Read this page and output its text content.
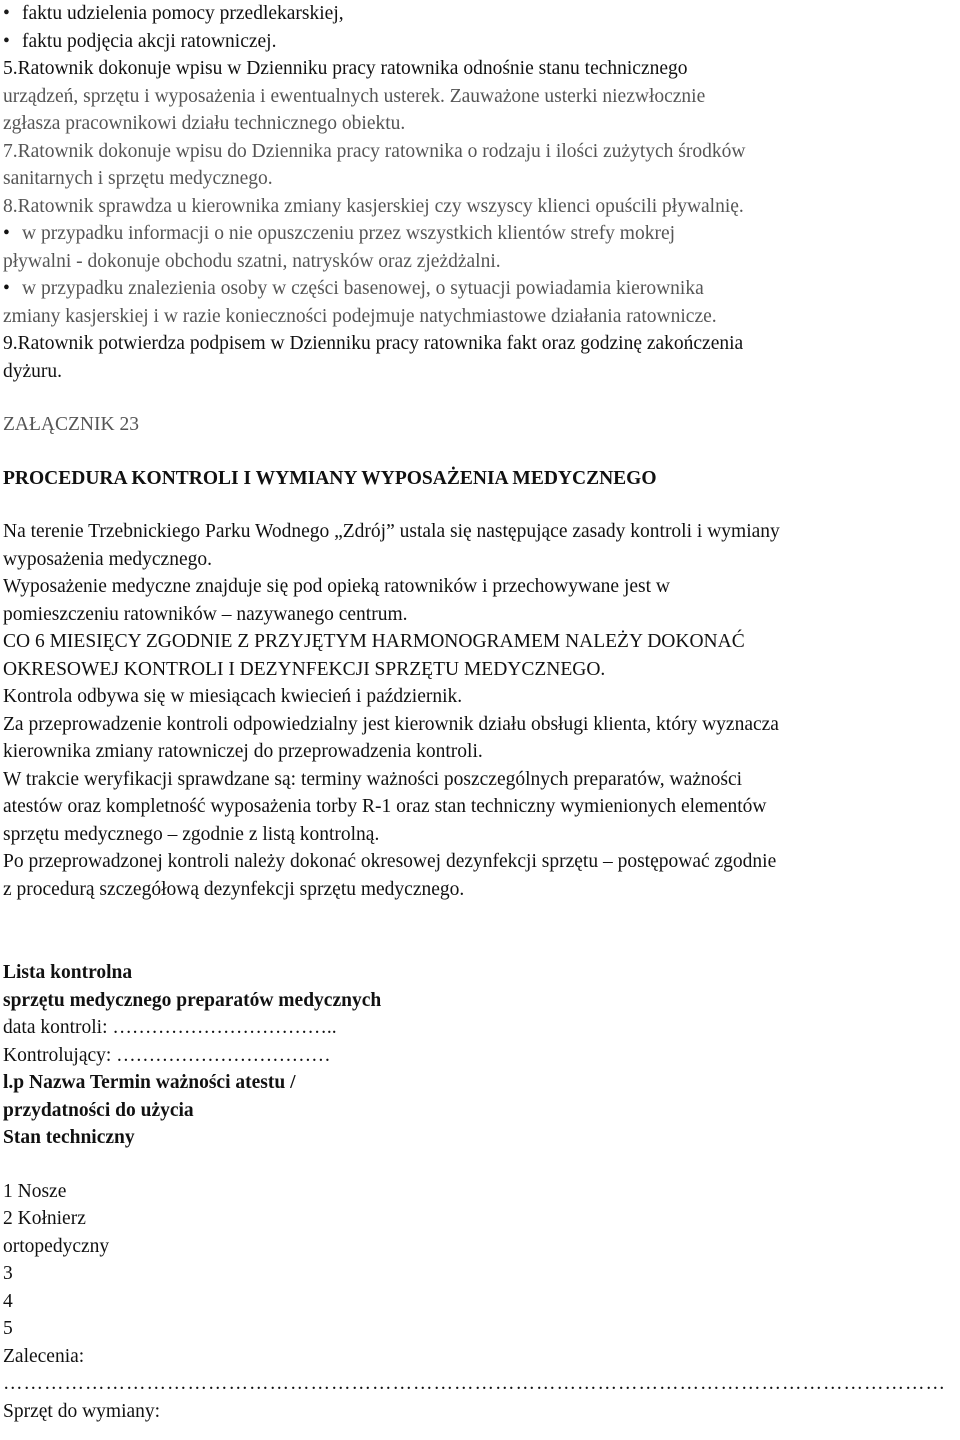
• faktu udzielenia pomocy przedlekarskiej,
• faktu podjęcia akcji ratowniczej.
5.Ratownik dokonuje wpisu w Dzienniku pracy ratownika odnośnie stanu technicznego
urządzeń, sprzętu i wyposażenia i ewentualnych usterek. Zauważone usterki niezwłocznie
zgłasza pracownikowi działu technicznego obiektu.
7.Ratownik dokonuje wpisu do Dziennika pracy ratownika o rodzaju i ilości zużytych środków
sanitarnych i sprzętu medycznego.
8.Ratownik sprawdza u kierownika zmiany kasjerskiej czy wszyscy klienci opuścili pływalnię.
• w przypadku informacji o nie opuszczeniu przez wszystkich klientów strefy mokrej
pływalni - dokonuje obchodu szatni, natrysków oraz zjeżdżalni.
• w przypadku znalezienia osoby w części basenowej, o sytuacji powiadamia kierownika
zmiany kasjerskiej i w razie konieczności podejmuje natychmiastowe działania ratownicze.
9.Ratownik potwierdza podpisem w Dzienniku pracy ratownika fakt oraz godzinę zakończenia
dyżuru.
ZAŁĄCZNIK 23
PROCEDURA KONTROLI I WYMIANY WYPOSAŻENIA MEDYCZNEGO
Na terenie Trzebnickiego Parku Wodnego „Zdrój” ustala się następujące zasady kontroli i wymiany
wyposażenia medycznego.
Wyposażenie medyczne znajduje się pod opieką ratowników i przechowywane jest w
pomieszczeniu ratowników – nazywanego centrum.
CO 6 MIESIĘCY ZGODNIE Z PRZYJĘTYM HARMONOGRAMEM NALEŻY DOKONAĆ
OKRESOWEJ KONTROLI I DEZYNFEKCJI SPRZĘTU MEDYCZNEGO.
Kontrola odbywa się w miesiącach kwiecień i październik.
Za przeprowadzenie kontroli odpowiedzialny jest kierownik działu obsługi klienta, który wyznacza
kierownika zmiany ratowniczej do przeprowadzenia kontroli.
W trakcie weryfikacji sprawdzane są: terminy ważności poszczególnych preparatów, ważności
atestów oraz kompletność wyposażenia torby R-1 oraz stan techniczny wymienionych elementów
sprzętu medycznego – zgodnie z listą kontrolną.
Po przeprowadzonej kontroli należy dokonać okresowej dezynfekcji sprzętu – postępować zgodnie
z procedurą szczegółową dezynfekcji sprzętu medycznego.
Lista kontrolna
sprzętu medycznego preparatów medycznych
data kontroli: ……………………………..
Kontrolujący: ……………………………
l.p Nazwa Termin ważności atestu /
przydatności do użycia
Stan techniczny
1 Nosze
2 Kołnierz
ortopedyczny
3
4
5
Zalecenia:
…………………………………………………………………………………………………………………………
Sprzęt do wymiany:
